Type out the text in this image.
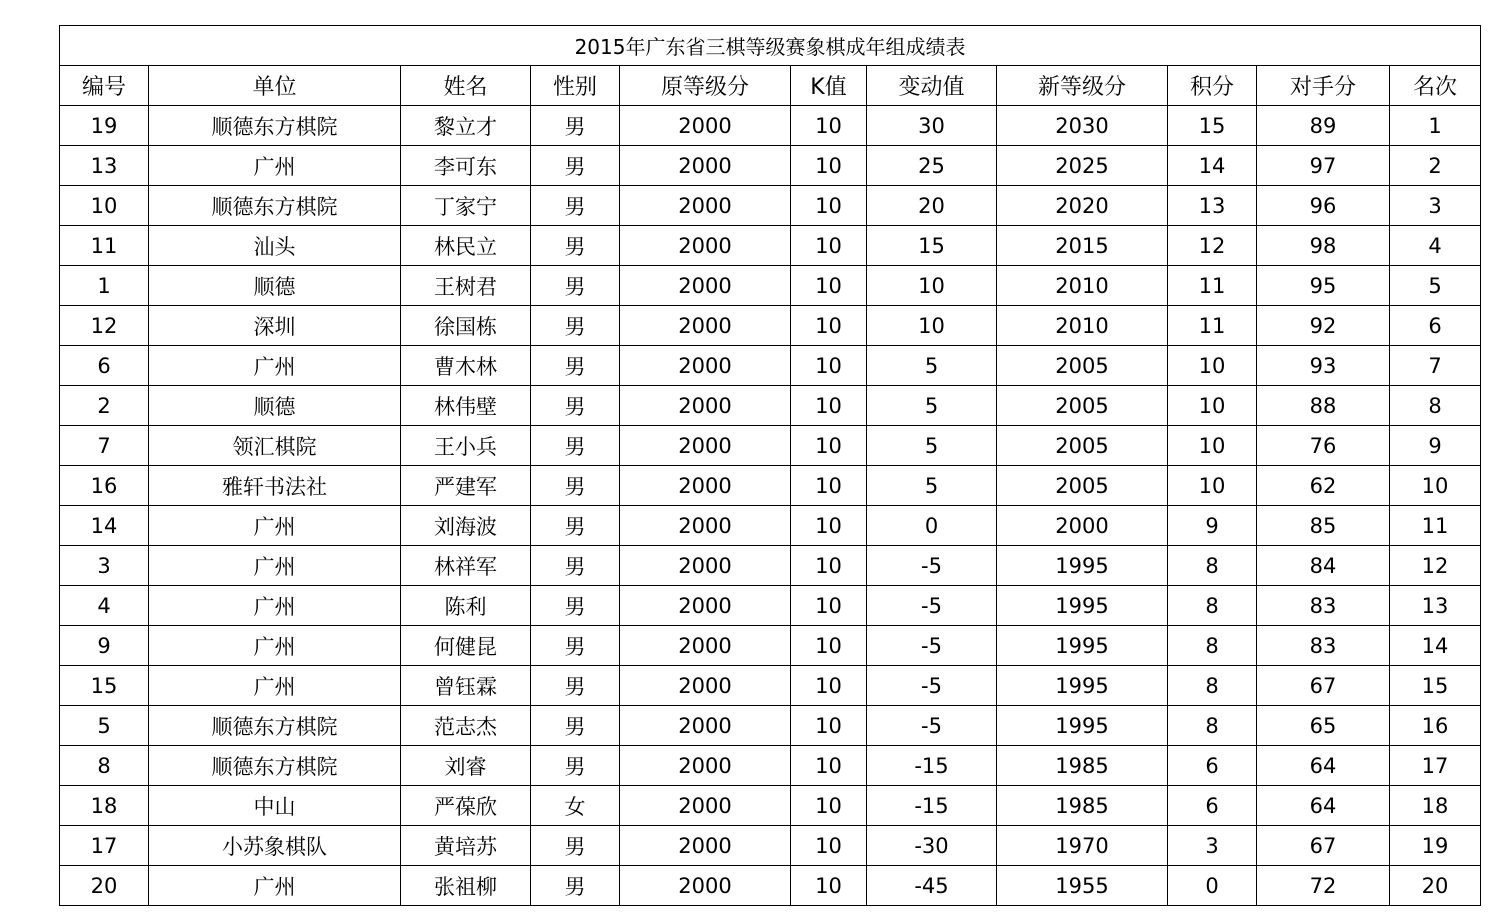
2015年广东省三棋等级赛象棋成年组成绩表										
编号	单位	姓名	性别	原等级分	K值	变动值	新等级分	积分	对手分	名次
19	顺德东方棋院	黎立才	男	2000	10	30	2030	15	89	1
13	广州	李可东	男	2000	10	25	2025	14	97	2
10	顺德东方棋院	丁家宁	男	2000	10	20	2020	13	96	3
11	汕头	林民立	男	2000	10	15	2015	12	98	4
1	顺德	王树君	男	2000	10	10	2010	11	95	5
12	深圳	徐国栋	男	2000	10	10	2010	11	92	6
6	广州	曹木林	男	2000	10	5	2005	10	93	7
2	顺德	林伟壁	男	2000	10	5	2005	10	88	8
7	领汇棋院	王小兵	男	2000	10	5	2005	10	76	9
16	雅轩书法社	严建军	男	2000	10	5	2005	10	62	10
14	广州	刘海波	男	2000	10	0	2000	9	85	11
3	广州	林祥军	男	2000	10	-5	1995	8	84	12
4	广州	陈利	男	2000	10	-5	1995	8	83	13
9	广州	何健昆	男	2000	10	-5	1995	8	83	14
15	广州	曾钰霖	男	2000	10	-5	1995	8	67	15
5	顺德东方棋院	范志杰	男	2000	10	-5	1995	8	65	16
8	顺德东方棋院	刘睿	男	2000	10	-15	1985	6	64	17
18	中山	严葆欣	女	2000	10	-15	1985	6	64	18
17	小苏象棋队	黄培苏	男	2000	10	-30	1970	3	67	19
20	广州	张祖柳	男	2000	10	-45	1955	0	72	20
